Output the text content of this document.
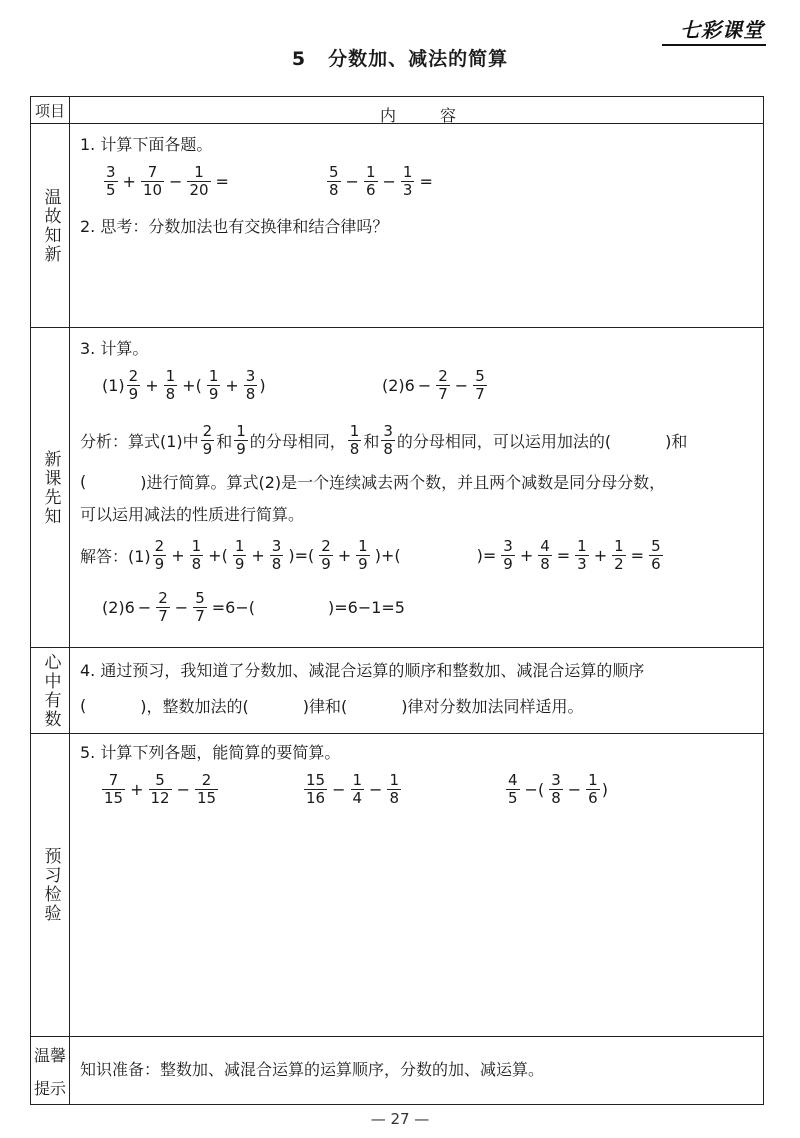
七彩课堂
5 分数加、减法的简算
项目	内	容
温故知新
1. 计算下面各题。
$\frac{3}{5} + \frac{7}{10} - \frac{1}{20}$ =	$\frac{5}{8} - \frac{1}{6} - \frac{1}{3}$ =
2. 思考：分数加法也有交换律和结合律吗？
新课先知
3. 计算。
$(1) \frac{2}{9} + \frac{1}{8}$ +( $\frac{1}{9} + \frac{3}{8}$ )	$(2)6 - \frac{2}{7} - \frac{5}{7}$
分析：算式(1)中 $\frac{2}{9}$ 和 $\frac{1}{9}$ 的分母相同， $\frac{1}{8}$ 和 $\frac{3}{8}$ 的分母相同，可以运用加法的(	)和
(	)进行简算。算式(2)是一个连续减去两个数，并且两个减数是同分母分数，
可以运用减法的性质进行简算。
解答：$(1) \frac{2}{9} + \frac{1}{8}$ +( $\frac{1}{9} + \frac{3}{8}$ )=( $\frac{2}{9} + \frac{1}{9}$ )+(	)= $\frac{3}{9} + \frac{4}{8} = \frac{1}{3} + \frac{1}{2} = \frac{5}{6}$
$(2)6 - \frac{2}{7} - \frac{5}{7} =6-$(	)=6−1=5
心中有数 4. 通过预习，我知道了分数加、减混合运算的顺序和整数加、减混合运算的顺序
(	)，整数加法的(	)律和(	)律对分数加法同样适用。
预习检验
5. 计算下列各题，能简算的要简算。
$\frac{7}{15} + \frac{5}{12} - \frac{2}{15}$	$\frac{15}{16} - \frac{1}{4} - \frac{1}{8}$	$\frac{4}{5}$ −( $\frac{3}{8} - \frac{1}{6}$ )
温馨
提示
知识准备：整数加、减混合运算的运算顺序，分数的加、减运算。
— 27 —
